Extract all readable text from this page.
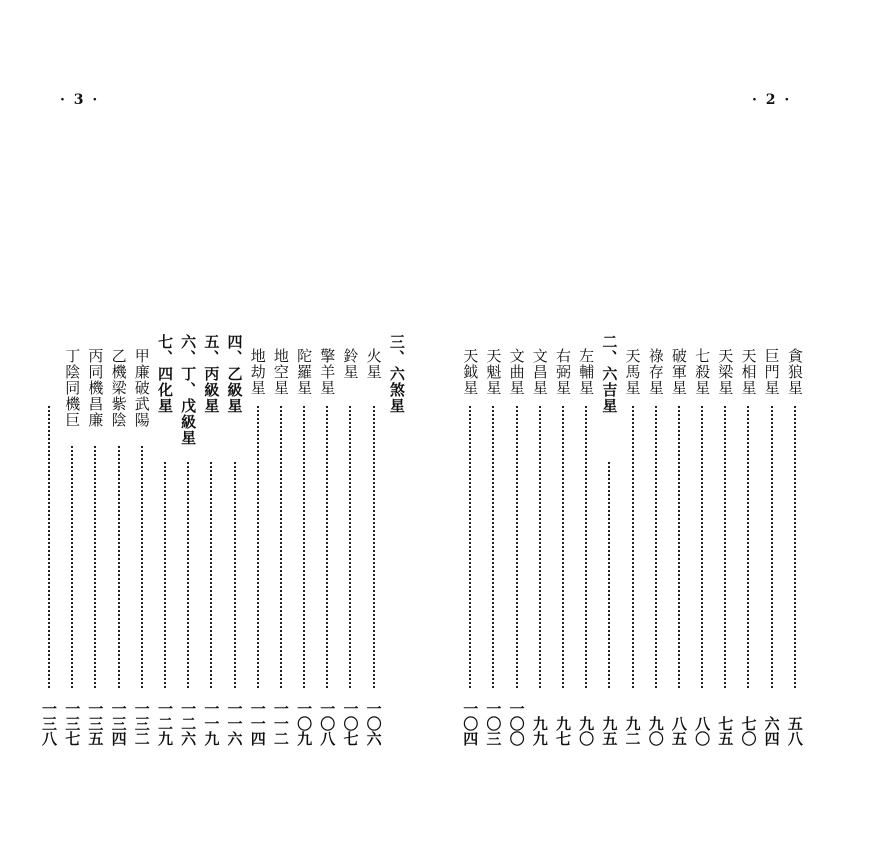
· 3 ·	· 2 ·
三、六煞星
火星
一〇六
鈴星
一〇七
擎羊星
一〇八
陀羅星
一〇九
地空星
一一二
地劫星
一一四
四、乙級星
一一六
五、丙級星
一一九
六、丁、戊級星
一二六
七、四化星
一二九
甲廉破武陽
一三二
乙機梁紫陰
一三四
丙同機昌廉
一三五
丁陰同機巨
一三七
一三八
貪狼星
五八
巨門星
六四
天相星
七〇
天梁星
七五
七殺星
八〇
破軍星
八五
祿存星
九〇
天馬星
九二
二、六吉星
九五
左輔星
九〇
右弼星
九七
文昌星
九九
文曲星
一〇〇
天魁星
一〇三
天鉞星
一〇四
